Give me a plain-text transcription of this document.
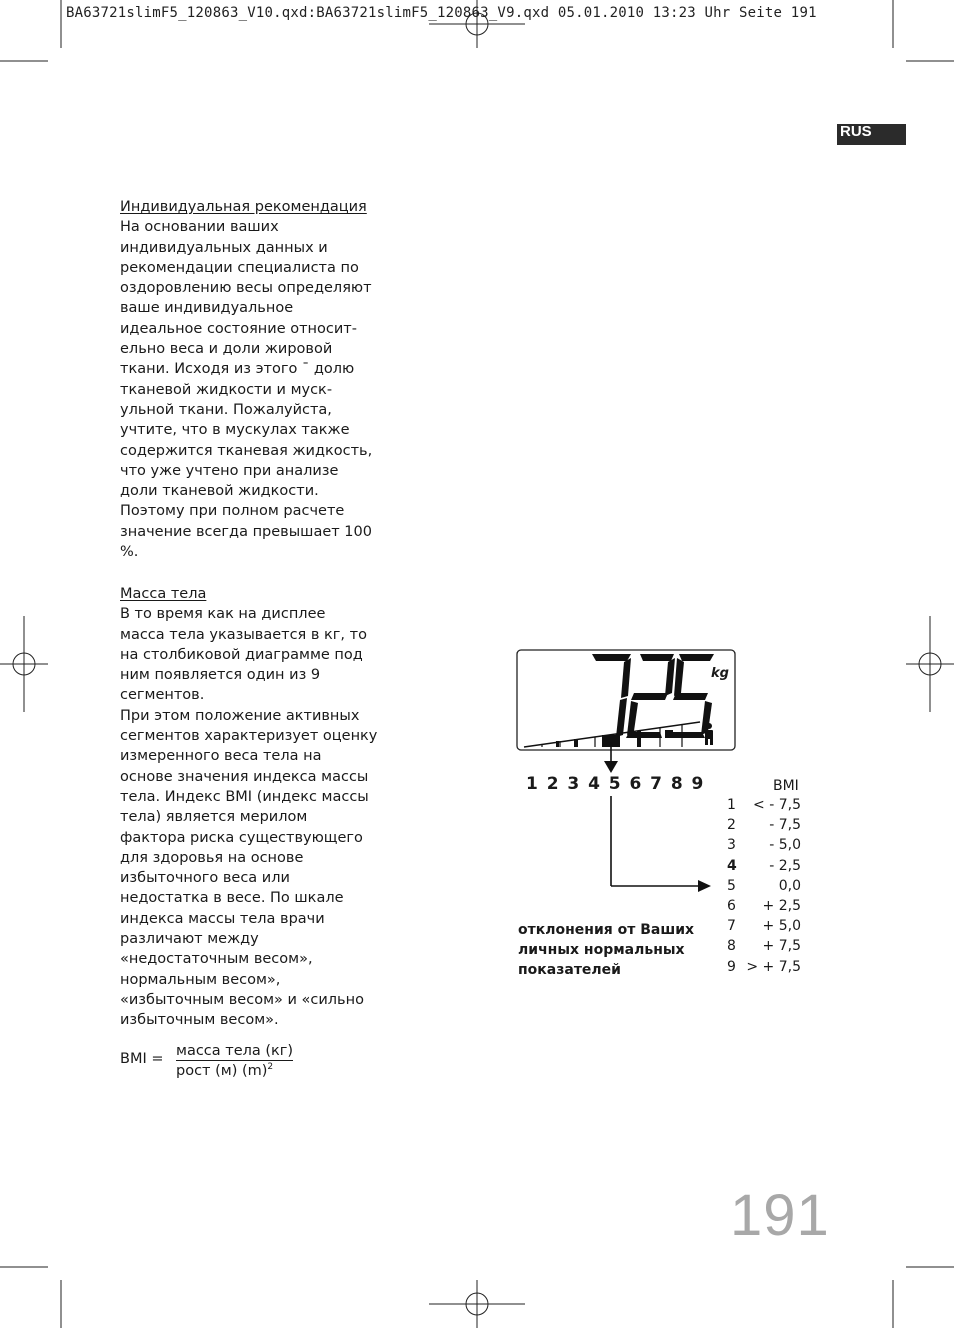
BA63721slimF5_120863_V10.qxd:BA63721slimF5_120863_V9.qxd 05.01.2010 13:23 Uhr Seite 191
RUS
Индивидуальная рекомендация
На основании ваших
индивидуальных данных и
рекомендации специалиста по
оздоровлению весы определяют
ваше индивидуальное
идеальное состояние относит-
ельно веса и доли жировой
ткани. Исходя из этого ¯ долю
тканевой жидкости и муск-
ульной ткани. Пожалуйста,
учтите, что в мускулах также
содержится тканевая жидкость,
что уже учтено при анализе
доли тканевой жидкости.
Поэтому при полном расчете
значение всегда превышает 100
%.
Масса тела
В то время как на дисплее
масса тела указывается в кг, то
на столбиковой диаграмме под
ним появляется один из 9
сегментов.
При этом положение активных
сегментов характеризует оценку
измеренного веса тела на
основе значения индекса массы
тела. Индекс BMI (индекс массы
тела) является мерилом
фактора риска существующего
для здоровья на основе
избыточного веса или
недостатка в весе. По шкале
индекса массы тела врачи
различают между
«недостаточным весом»,
нормальным весом»,
«избыточным весом» и «сильно
избыточным весом».
BMI = масса тела (кг)
рост (м) $(m)^2$
kg
1 2 3 4 5 6 7 8 9	BMI
1 < - 7,5
2 - 7,5
3 - 5,0
4 - 2,5
5	0,0
6 + 2,5
7 + 5,0
8 + 7,5
9 > + 7,5
отклонения от Ваших
личных нормальных
показателей
191
